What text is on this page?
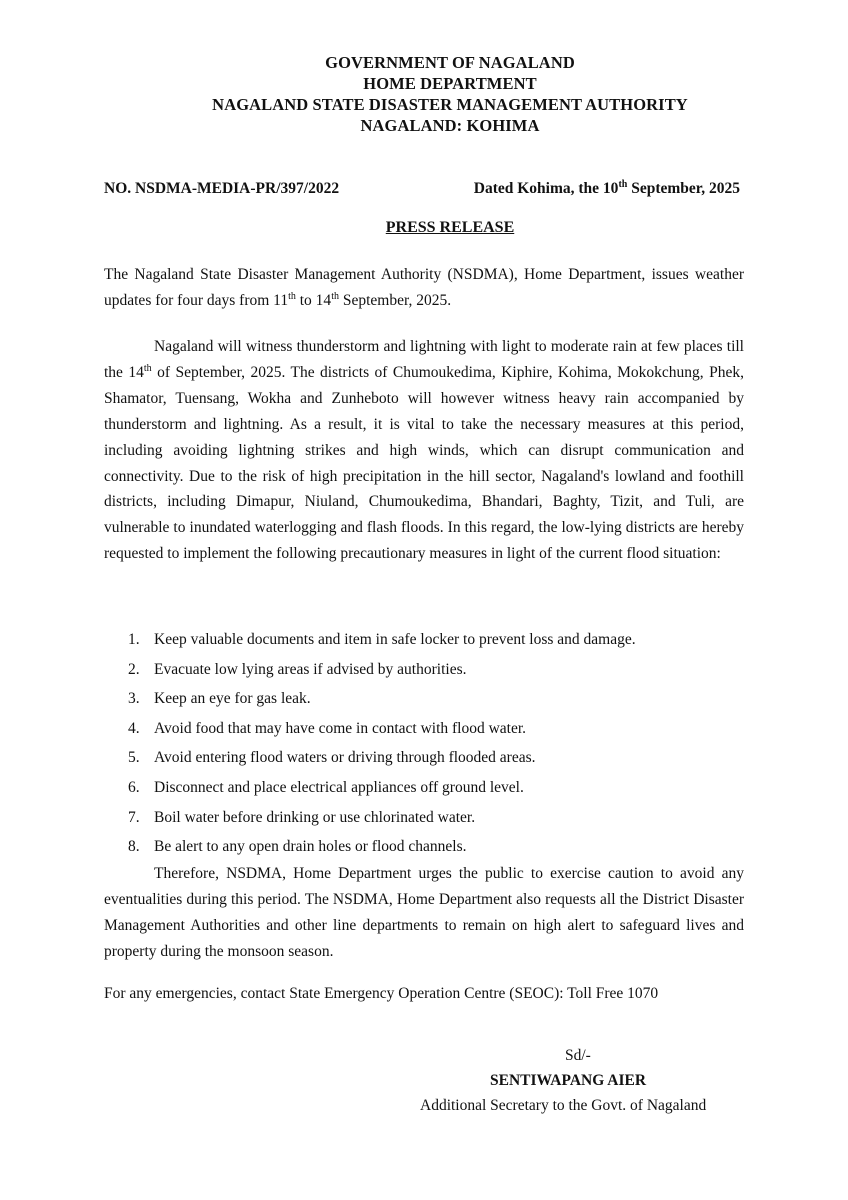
GOVERNMENT OF NAGALAND
HOME DEPARTMENT
NAGALAND STATE DISASTER MANAGEMENT AUTHORITY
NAGALAND: KOHIMA
NO. NSDMA-MEDIA-PR/397/2022	Dated Kohima, the 10th September, 2025
PRESS RELEASE

The Nagaland State Disaster Management Authority (NSDMA), Home Department, issues weather updates for four days from 11th to 14th September, 2025.

Nagaland will witness thunderstorm and lightning with light to moderate rain at few places till the 14th of September, 2025. The districts of Chumoukedima, Kiphire, Kohima, Mokokchung, Phek, Shamator, Tuensang, Wokha and Zunheboto will however witness heavy rain accompanied by thunderstorm and lightning. As a result, it is vital to take the necessary measures at this period, including avoiding lightning strikes and high winds, which can disrupt communication and connectivity. Due to the risk of high precipitation in the hill sector, Nagaland's lowland and foothill districts, including Dimapur, Niuland, Chumoukedima, Bhandari, Baghty, Tizit, and Tuli, are vulnerable to inundated waterlogging and flash floods. In this regard, the low-lying districts are hereby requested to implement the following precautionary measures in light of the current flood situation:

1. Keep valuable documents and item in safe locker to prevent loss and damage.
2. Evacuate low lying areas if advised by authorities.
3. Keep an eye for gas leak.
4. Avoid food that may have come in contact with flood water.
5. Avoid entering flood waters or driving through flooded areas.
6. Disconnect and place electrical appliances off ground level.
7. Boil water before drinking or use chlorinated water.
8. Be alert to any open drain holes or flood channels.

Therefore, NSDMA, Home Department urges the public to exercise caution to avoid any eventualities during this period. The NSDMA, Home Department also requests all the District Disaster Management Authorities and other line departments to remain on high alert to safeguard lives and property during the monsoon season.

For any emergencies, contact State Emergency Operation Centre (SEOC): Toll Free 1070
Sd/-
SENTIWAPANG AIER
Additional Secretary to the Govt. of Nagaland
